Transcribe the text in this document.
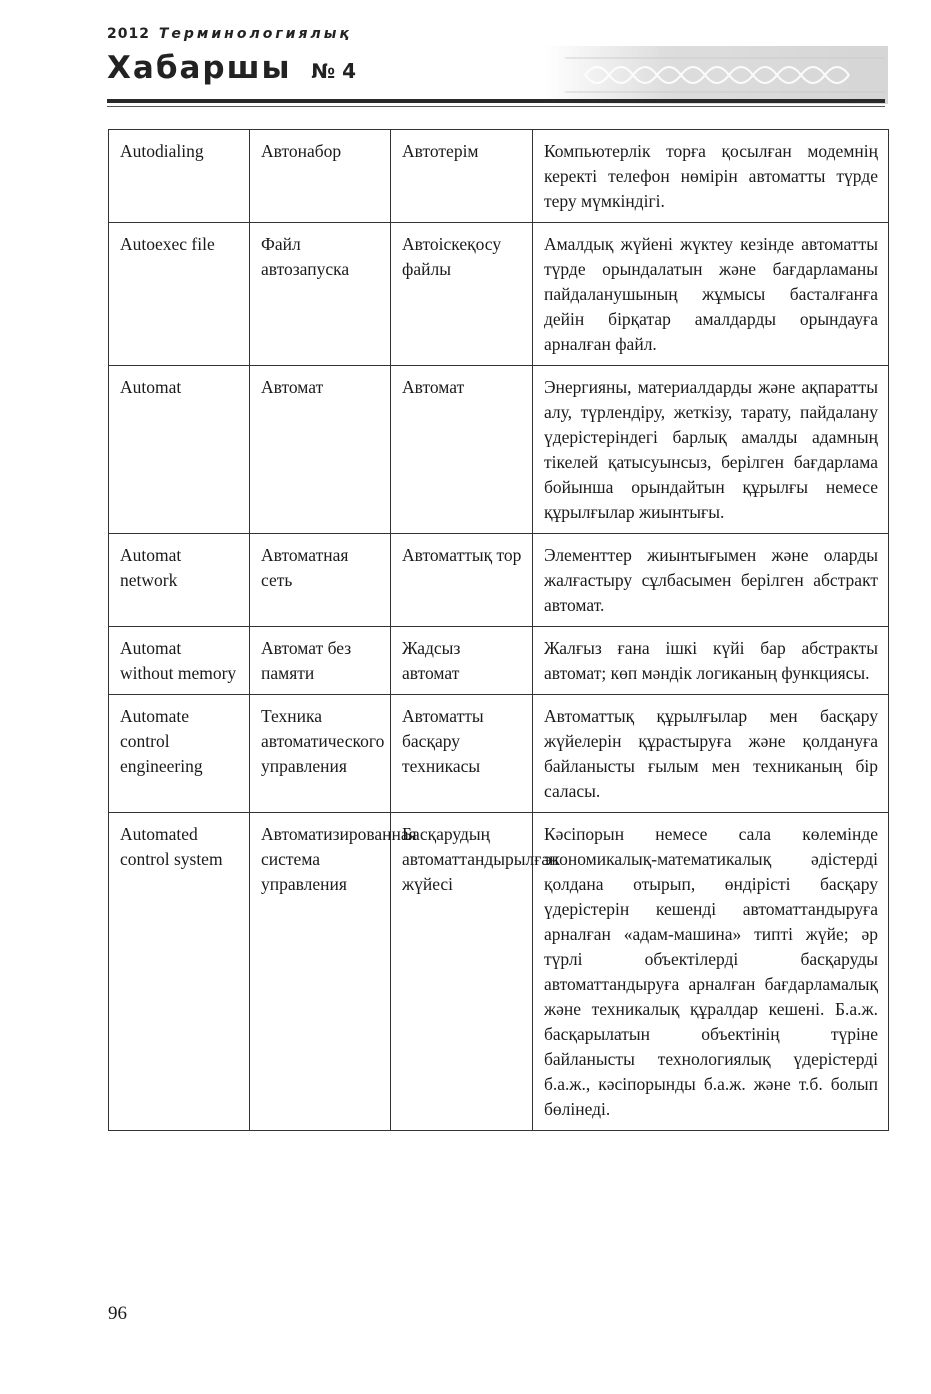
2012 Терминологиялық
Хабаршы № 4
Autodialing	Автонабор	Автотерім	Компьютерлік торға қосылған модемнің керекті телефон нөмірін автоматты түрде теру мүмкіндігі.
Autoexec file	Файл автозапуска	Автоіскеқосу файлы	Амалдық жүйені жүктеу кезінде автоматты түрде орындалатын және бағдарламаны пайдаланушының жұмысы басталғанға дейін бірқатар амалдарды орындауға арналған файл.
Automat	Автомат	Автомат	Энергияны, материалдарды және ақпаратты алу, түрлендіру, жеткізу, тарату, пайдалану үдерістеріндегі барлық амалды адамның тікелей қатысуынсыз, берілген бағдарлама бойынша орындайтын құрылғы немесе құрылғылар жиынтығы.
Automat network	Автоматная сеть	Автоматтық тор	Элементтер жиынтығымен және оларды жалғастыру сұлбасымен берілген абстракт автомат.
Automat without memory	Автомат без памяти	Жадсыз автомат	Жалғыз ғана ішкі күйі бар абстракты автомат; көп мәндік логиканың функциясы.
Automate control engineering	Техника автоматического управления	Автоматты басқару техникасы	Автоматтық құрылғылар мен басқару жүйелерін құрастыруға және қолдануға байланысты ғылым мен техниканың бір саласы.
Automated control system	Автоматизированная система управления	Басқарудың автоматтандырылған жүйесі	Кәсіпорын немесе сала көлемінде экономикалық-математикалық әдістерді қолдана отырып, өндірісті басқару үдерістерін кешенді автоматтандыруға арналған «адам-машина» типті жүйе; әр түрлі объектілерді басқаруды автоматтандыруға арналған бағдарламалық және техникалық құралдар кешені. Б.а.ж. басқарылатын объектінің түріне байланысты технологиялық үдерістерді б.а.ж., кәсіпорынды б.а.ж. және т.б. болып бөлінеді.
96
